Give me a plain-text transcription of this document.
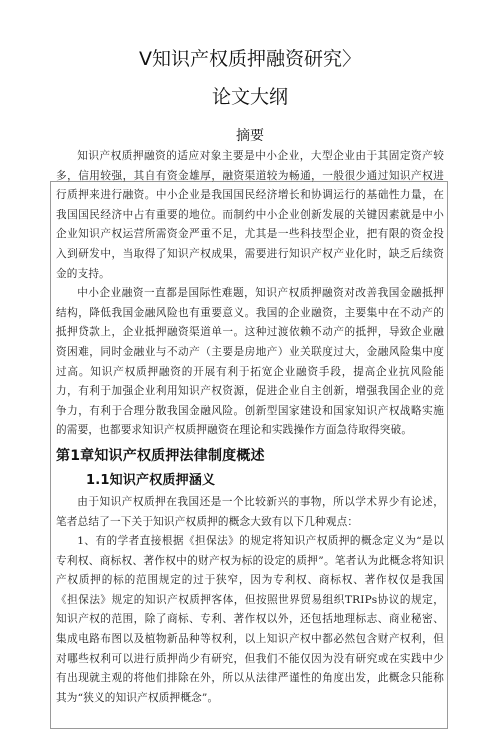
V知识产权质押融资研究〉
论文大纲
摘要

知识产权质押融资的适应对象主要是中小企业，大型企业由于其固定资产较多，信用较强，其自有资金雄厚，融资渠道较为畅通，一般很少通过知识产权进行质押来进行融资。中小企业是我国国民经济增长和协调运行的基础性力量，在我国国民经济中占有重要的地位。而制约中小企业创新发展的关键因素就是中小企业知识产权运营所需资金严重不足，尤其是一些科技型企业，把有限的资金投入到研发中，当取得了知识产权成果，需要进行知识产权产业化时，缺乏后续资金的支持。

中小企业融资一直都是国际性难题，知识产权质押融资对改善我国金融抵押结构，降低我国金融风险也有重要意义。我国的企业融资，主要集中在不动产的抵押贷款上，企业抵押融资渠道单一。这种过渡依赖不动产的抵押，导致企业融资困难，同时金融业与不动产（主要是房地产）业关联度过大，金融风险集中度过高。知识产权质押融资的开展有利于拓宽企业融资手段，提高企业抗风险能力，有利于加强企业利用知识产权资源，促进企业自主创新，增强我国企业的竞争力，有利于合理分散我国金融风险。创新型国家建设和国家知识产权战略实施的需要，也都要求知识产权质押融资在理论和实践操作方面急待取得突破。

第1章知识产权质押法律制度概述
1.1知识产权质押涵义

由于知识产权质押在我国还是一个比较新兴的事物，所以学术界少有论述，笔者总结了一下关于知识产权质押的概念大致有以下几种观点：

1、有的学者直接根据《担保法》的规定将知识产权质押的概念定义为“是以专利权、商标权、著作权中的财产权为标的设定的质押”。笔者认为此概念将知识产权质押的标的范围规定的过于狭窄，因为专利权、商标权、著作权仅是我国《担保法》规定的知识产权质押客体，但按照世界贸易组织TRIPs协议的规定，知识产权的范围，除了商标、专利、著作权以外，还包括地理标志、商业秘密、集成电路布图以及植物新品种等权利，以上知识产权中都必然包含财产权利，但对哪些权利可以进行质押尚少有研究，但我们不能仅因为没有研究或在实践中少有出现就主观的将他们排除在外，所以从法律严谨性的角度出发，此概念只能称其为“狭义的知识产权质押概念”。
